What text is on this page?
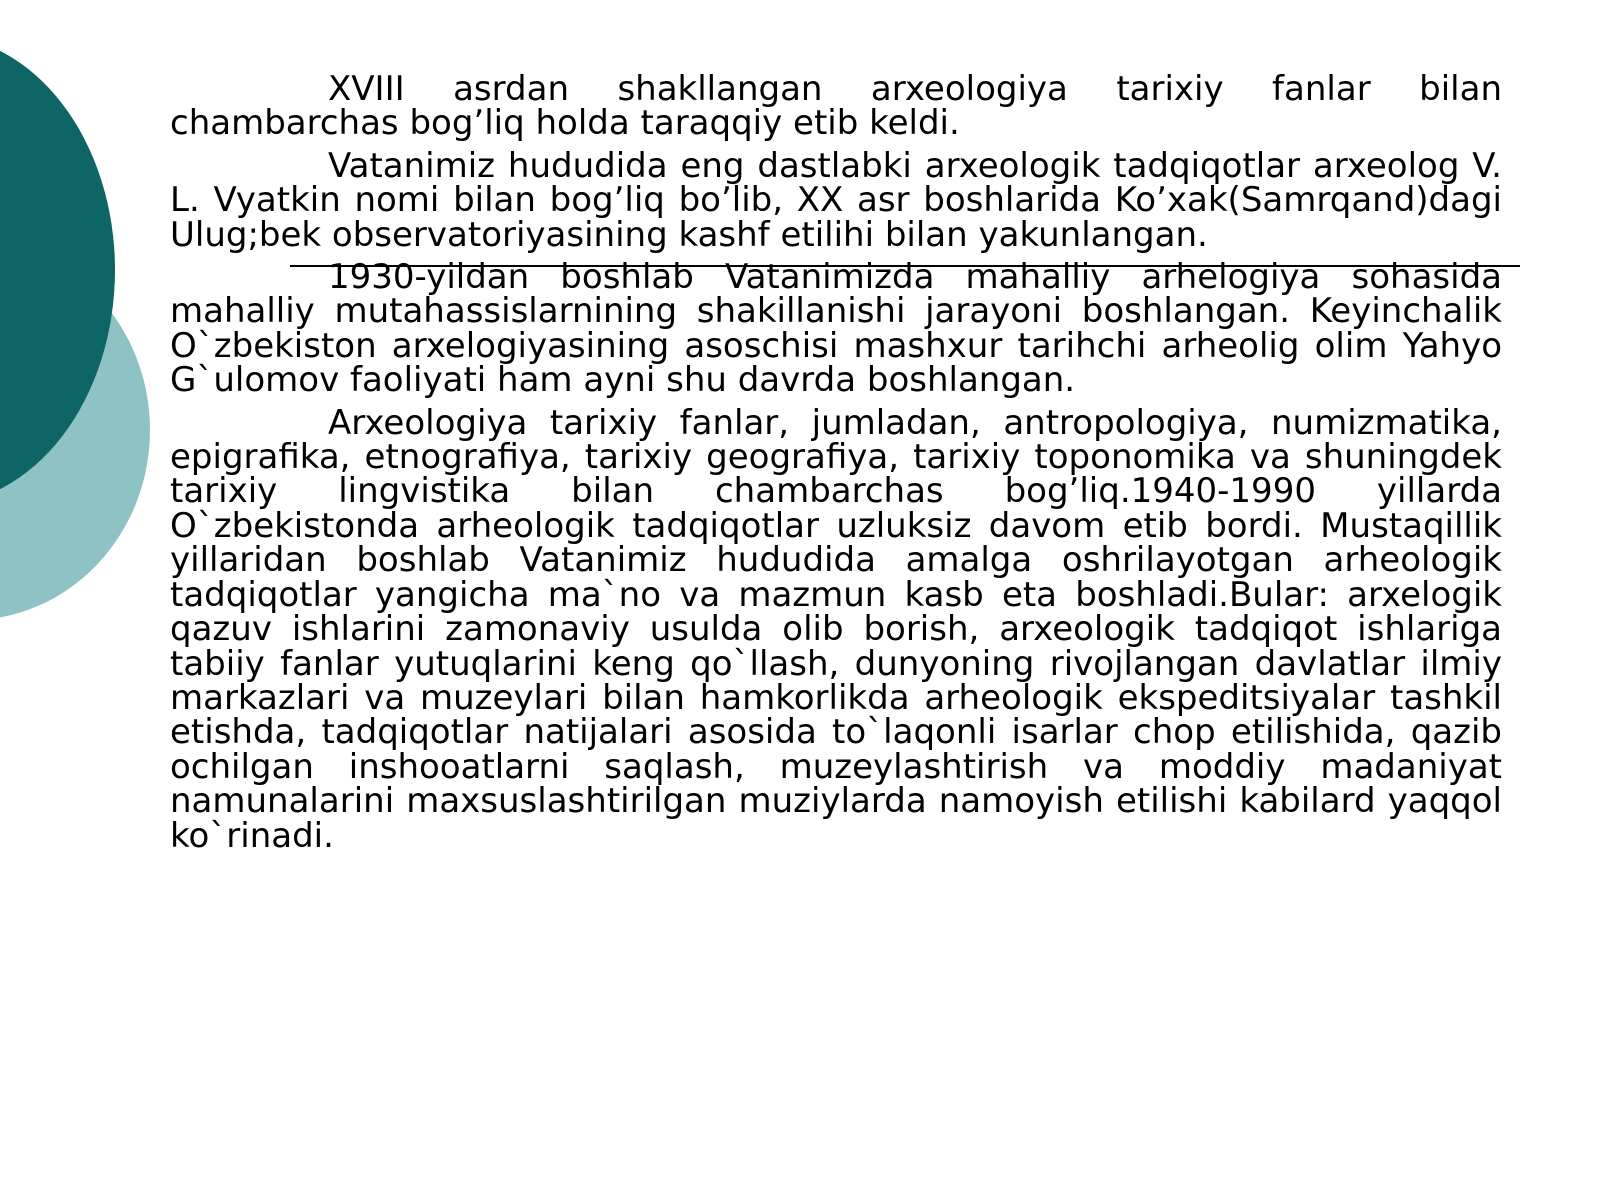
XVIII asrdan shakllangan arxeologiya tarixiy fanlar bilan chambarchas bog’liq holda taraqqiy etib keldi.

Vatanimiz hududida eng dastlabki arxeologik tadqiqotlar arxeolog V. L. Vyatkin nomi bilan bog’liq bo’lib, XX asr boshlarida Ko’xak(Samrqand)dagi Ulug;bek observatoriyasining kashf etilihi bilan yakunlangan.

1930-yildan boshlab Vatanimizda mahalliy arhelogiya sohasida mahalliy mutahassislarnining shakillanishi jarayoni boshlangan. Keyinchalik O`zbekiston arxelogiyasining asoschisi mashxur tarihchi arheolig olim Yahyo G`ulomov faoliyati ham ayni shu davrda boshlangan.

Arxeologiya tarixiy fanlar, jumladan, antropologiya, numizmatika, epigrafika, etnografiya, tarixiy geografiya, tarixiy toponomika va shuningdek tarixiy lingvistika bilan chambarchas bog’liq.1940-1990 yillarda O`zbekistonda arheologik tadqiqotlar uzluksiz davom etib bordi. Mustaqillik yillaridan boshlab Vatanimiz hududida amalga oshrilayotgan arheologik tadqiqotlar yangicha ma`no va mazmun kasb eta boshladi.Bular: arxelogik qazuv ishlarini zamonaviy usulda olib borish, arxeologik tadqiqot ishlariga tabiiy fanlar yutuqlarini keng qo`llash, dunyoning rivojlangan davlatlar ilmiy markazlari va muzeylari bilan hamkorlikda arheologik ekspeditsiyalar tashkil etishda, tadqiqotlar natijalari asosida to`laqonli isarlar chop etilishida, qazib ochilgan inshooatlarni saqlash, muzeylashtirish va moddiy madaniyat namunalarini maxsuslashtirilgan muziylarda namoyish etilishi kabilard yaqqol ko`rinadi.
